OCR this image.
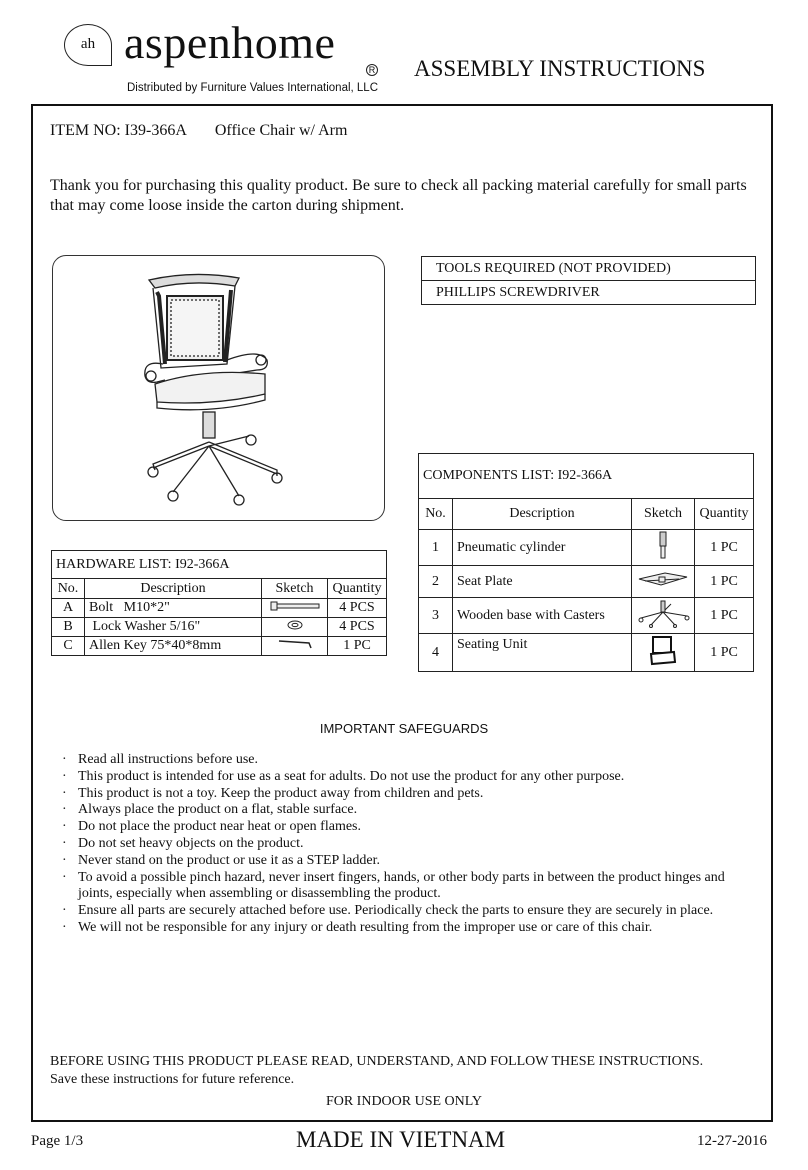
ah aspenhome
R
Distributed by Furniture Values International, LLC
ASSEMBLY INSTRUCTIONS
ITEM NO: I39-366A Office Chair w/ Arm
Thank you for purchasing this quality product. Be sure to check all packing material carefully for small parts that may come loose inside the carton during shipment.
TOOLS REQUIRED (NOT PROVIDED)
PHILLIPS SCREWDRIVER
COMPONENTS LIST: I92-366A			
No.	Description	Sketch	Quantity
1	Pneumatic cylinder		1 PC
2	Seat Plate		1 PC
3	Wooden base with Casters		1 PC
4	Seating Unit		1 PC
HARDWARE LIST: I92-366A			
No.	Description	Sketch	Quantity
A	Bolt   M10*2"		4 PCS
B	Lock Washer 5/16"		4 PCS
C	Allen Key 75*40*8mm		1 PC
IMPORTANT SAFEGUARDS
· Read all instructions before use.
· This product is intended for use as a seat for adults. Do not use the product for any other purpose.
· This product is not a toy. Keep the product away from children and pets.
· Always place the product on a flat, stable surface.
· Do not place the product near heat or open flames.
· Do not set heavy objects on the product.
· Never stand on the product or use it as a STEP ladder.
· To avoid a possible pinch hazard, never insert fingers, hands, or other body parts in between the product hinges and joints, especially when assembling or disassembling the product.
· Ensure all parts are securely attached before use. Periodically check the parts to ensure they are securely in place.
· We will not be responsible for any injury or death resulting from the improper use or care of this chair.
BEFORE USING THIS PRODUCT PLEASE READ, UNDERSTAND, AND FOLLOW THESE INSTRUCTIONS.
Save these instructions for future reference.
FOR INDOOR USE ONLY
Page 1/3	MADE IN VIETNAM	12-27-2016
